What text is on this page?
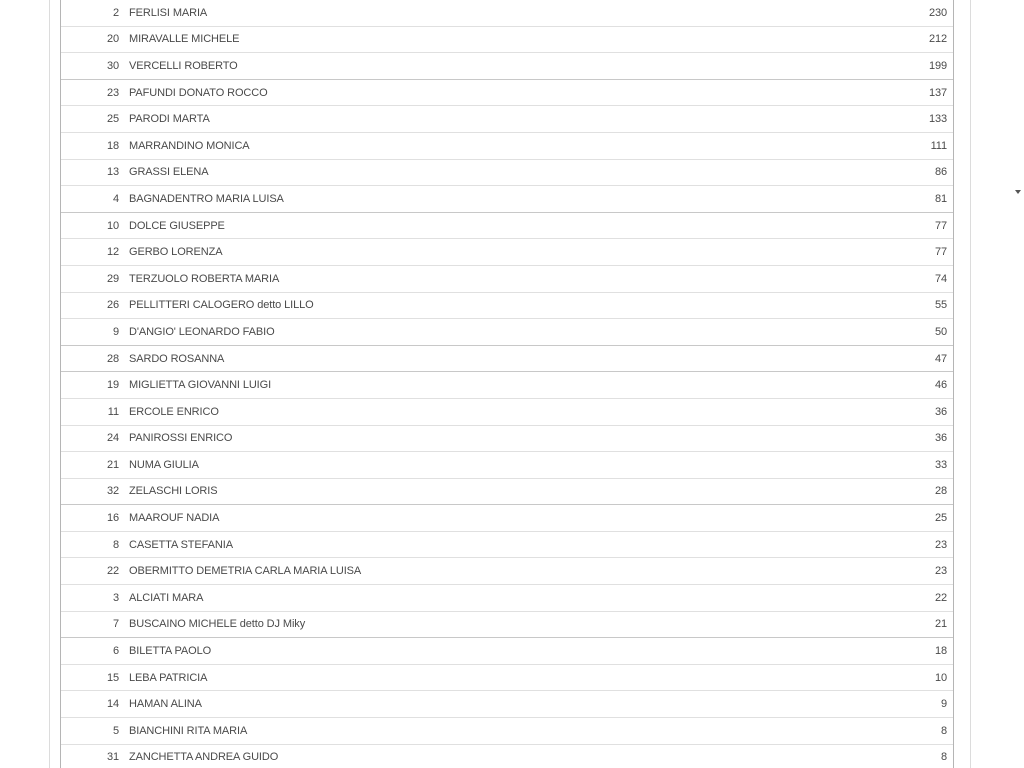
2 FERLISI MARIA	230
20 MIRAVALLE MICHELE	212
30 VERCELLI ROBERTO	199
23 PAFUNDI DONATO ROCCO	137
25 PARODI MARTA	133
18 MARRANDINO MONICA	111
13 GRASSI ELENA	86
4 BAGNADENTRO MARIA LUISA	81
10 DOLCE GIUSEPPE	77
12 GERBO LORENZA	77
29 TERZUOLO ROBERTA MARIA	74
26 PELLITTERI CALOGERO detto LILLO	55
9 D'ANGIO' LEONARDO FABIO	50
28 SARDO ROSANNA	47
19 MIGLIETTA GIOVANNI LUIGI	46
11 ERCOLE ENRICO	36
24 PANIROSSI ENRICO	36
21 NUMA GIULIA	33
32 ZELASCHI LORIS	28
16 MAAROUF NADIA	25
8 CASETTA STEFANIA	23
22 OBERMITTO DEMETRIA CARLA MARIA LUISA	23
3 ALCIATI MARA	22
7 BUSCAINO MICHELE detto DJ Miky	21
6 BILETTA PAOLO	18
15 LEBA PATRICIA	10
14 HAMAN ALINA	9
5 BIANCHINI RITA MARIA	8
31 ZANCHETTA ANDREA GUIDO	8
